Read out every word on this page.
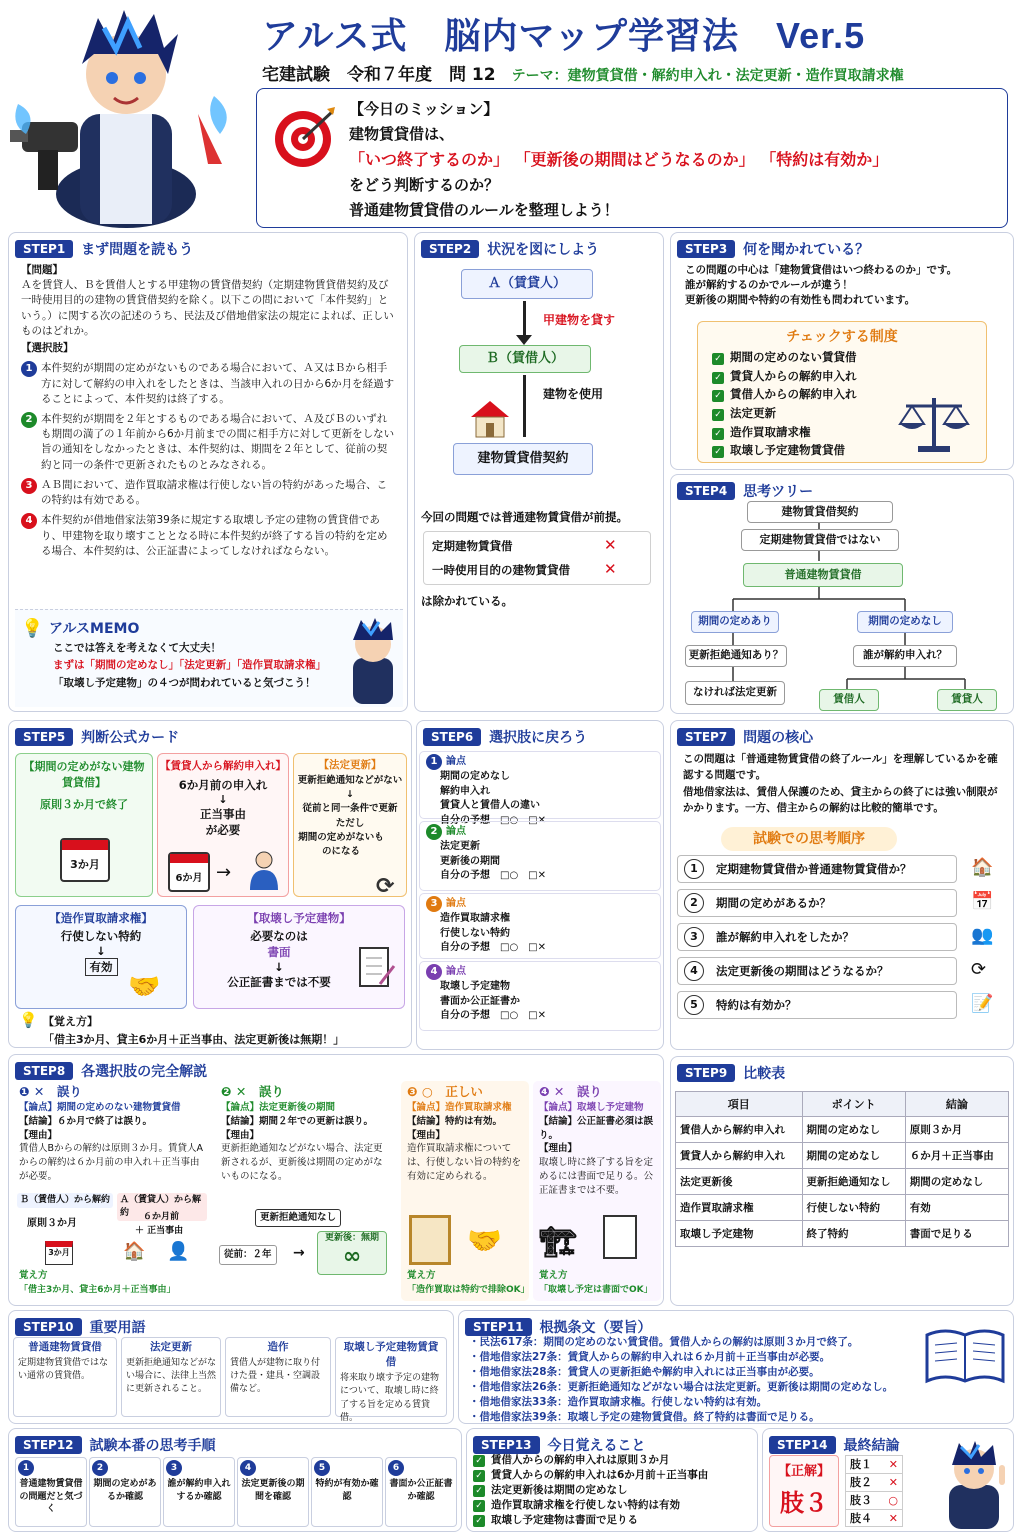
アルス式　脳内マップ学習法　Ver.5
宅建試験　令和７年度　問 12 テーマ：建物賃貸借・解約申入れ・法定更新・造作買取請求権
【今日のミッション】
建物賃貸借は、
「いつ終了するのか」 「更新後の期間はどうなるのか」 「特約は有効か」
をどう判断するのか？
普通建物賃貸借のルールを整理しよう！
STEP1	まず問題を読もう
【問題】
Ａを賃貸人、Ｂを賃借人とする甲建物の賃貸借契約（定期建物賃貸借契約及び一時使用目的の建物の賃貸借契約を除く。以下この問において「本件契約」という。）に関する次の記述のうち、民法及び借地借家法の規定によれば、正しいものはどれか。
【選択肢】
1 本件契約が期間の定めがないものである場合において、Ａ又はＢから相手方に対して解約の申入れをしたときは、当該申入れの日から6か月を経過することによって、本件契約は終了する。
2 本件契約が期間を２年とするものである場合において、Ａ及びＢのいずれも期間の満了の１年前から6か月前までの間に相手方に対して更新をしない旨の通知をしなかったときは、本件契約は、期間を２年として、従前の契約と同一の条件で更新されたものとみなされる。
3 ＡＢ間において、造作買取請求権は行使しない旨の特約があった場合、この特約は有効である。
4 本件契約が借地借家法第39条に規定する取壊し予定の建物の賃貸借であり、甲建物を取り壊すこととなる時に本件契約が終了する旨の特約を定める場合、本件契約は、公正証書によってしなければならない。
💡 アルスMEMO
ここでは答えを考えなくて大丈夫！
まずは「期間の定めなし」「法定更新」「造作買取請求権」
「取壊し予定建物」の４つが問われていると気づこう！
STEP2	状況を図にしよう
Ａ（賃貸人）
甲建物を貸す
Ｂ（賃借人）
建物を使用
建物賃貸借契約
今回の問題では普通建物賃貸借が前提。
定期建物賃貸借	✕
一時使用目的の建物賃貸借 ✕
は除かれている。
STEP3	何を聞かれている？
この問題の中心は「建物賃貸借はいつ終わるのか」です。
誰が解約するのかでルールが違う！
更新後の期間や特約の有効性も問われています。
チェックする制度
✓ 期間の定めのない賃貸借
✓ 賃貸人からの解約申入れ
✓ 賃借人からの解約申入れ
✓ 法定更新
✓ 造作買取請求権
✓ 取壊し予定建物賃貸借
STEP4	思考ツリー
建物賃貸借契約
定期建物賃貸借ではない
普通建物賃貸借
期間の定めあり	期間の定めなし
更新拒絶通知あり？	誰が解約申入れ？
なければ法定更新
賃借人	賃貸人
STEP5	判断公式カード
【期間の定めがない建物賃貸借】
原則３か月で終了
3か月
【賃貸人から解約申入れ】
6か月前の申入れ
↓
正当事由
が必要
6か月 →
【法定更新】
更新拒絶通知などがない
↓
従前と同一条件で更新
ただし
期間の定めがないものになる
⟳
【造作買取請求権】
行使しない特約
↓
有効
🤝
【取壊し予定建物】
必要なのは
書面
↓
公正証書までは不要
💡 【覚え方】
「借主3か月、貸主6か月＋正当事由、法定更新後は無期！」
STEP6	選択肢に戻ろう
1 論点
期間の定めなし
解約申入れ
賃貸人と賃借人の違い
自分の予想　□○　□✕
2 論点
法定更新
更新後の期間
自分の予想　□○　□✕
3 論点
造作買取請求権
行使しない特約
自分の予想　□○　□✕
4 論点
取壊し予定建物
書面か公正証書か
自分の予想　□○　□✕
STEP7	問題の核心
この問題は「普通建物賃貸借の終了ルール」を理解しているかを確認する問題です。
借地借家法は、賃借人保護のため、貸主からの終了には強い制限がかかります。一方、借主からの解約は比較的簡単です。
試験での思考順序
1	定期建物賃貸借か普通建物賃貸借か？	🏠
2	期間の定めがあるか？	📅
3	誰が解約申入れをしたか？	👥
4	法定更新後の期間はどうなるか？	⟳
5	特約は有効か？	📝
STEP8	各選択肢の完全解説
❶ ✕　誤り
【論点】期間の定めのない建物賃貸借
【結論】６か月で終了は誤り。
【理由】
賃借人Bからの解約は原則３か月。賃貸人Aからの解約は６か月前の申入れ＋正当事由が必要。
覚え方
「借主3か月、貸主6か月＋正当事由」
Ｂ（賃借人）から解約	Ａ（賃貸人）から解約
原則３か月
６か月前
＋ 正当事由
3か月	🏠 👤
❷ ✕　誤り
【論点】法定更新後の期間
【結論】期間２年での更新は誤り。
【理由】
更新拒絶通知などがない場合、法定更新されるが、更新後は期間の定めがないものになる。
更新拒絶通知なし
従前：２年	→
更新後：無期
∞
❸ ○　正しい
【論点】造作買取請求権
【結論】特約は有効。
【理由】
造作買取請求権については、行使しない旨の特約を有効に定められる。
覚え方
「造作買取は特約で排除OK」
🤝
❹ ✕　誤り
【論点】取壊し予定建物
【結論】公正証書必須は誤り。
【理由】
取壊し時に終了する旨を定めるには書面で足りる。公正証書までは不要。
覚え方
「取壊し予定は書面でOK」
🏗
STEP9	比較表
項目	ポイント	結論
賃借人から解約申入れ	期間の定めなし	原則３か月
賃貸人から解約申入れ	期間の定めなし	６か月＋正当事由
法定更新後	更新拒絶通知なし	期間の定めなし
造作買取請求権	行使しない特約	有効
取壊し予定建物	終了特約	書面で足りる
STEP10	重要用語
普通建物賃貸借
定期建物賃貸借ではない通常の賃貸借。
法定更新
更新拒絶通知などがない場合に、法律上当然に更新されること。
造作
賃借人が建物に取り付けた畳・建具・空調設備など。
取壊し予定建物賃貸借
将来取り壊す予定の建物について、取壊し時に終了する旨を定める賃貸借。
STEP11	根拠条文（要旨）
・民法617条：期間の定めのない賃貸借。賃借人からの解約は原則３か月で終了。
・借地借家法27条：賃貸人からの解約申入れは６か月前＋正当事由が必要。
・借地借家法28条：賃貸人の更新拒絶や解約申入れには正当事由が必要。
・借地借家法26条：更新拒絶通知などがない場合は法定更新。更新後は期間の定めなし。
・借地借家法33条：造作買取請求権。行使しない特約は有効。
・借地借家法39条：取壊し予定の建物賃貸借。終了特約は書面で足りる。
STEP12	試験本番の思考手順
1
普通建物賃貸借の問題だと気づく
2
期間の定めがあるか確認
3
誰が解約申入れするか確認
4
法定更新後の期間を確認
5
特約が有効か確認
6
書面か公正証書か確認
STEP13	今日覚えること
✓ 賃借人からの解約申入れは原則３か月
✓ 賃貸人からの解約申入れは6か月前＋正当事由
✓ 法定更新後は期間の定めなし
✓ 造作買取請求権を行使しない特約は有効
✓ 取壊し予定建物は書面で足りる
STEP14	最終結論
【正解】
肢３
肢１ ✕
肢２ ✕
肢３ ○
肢４ ✕
